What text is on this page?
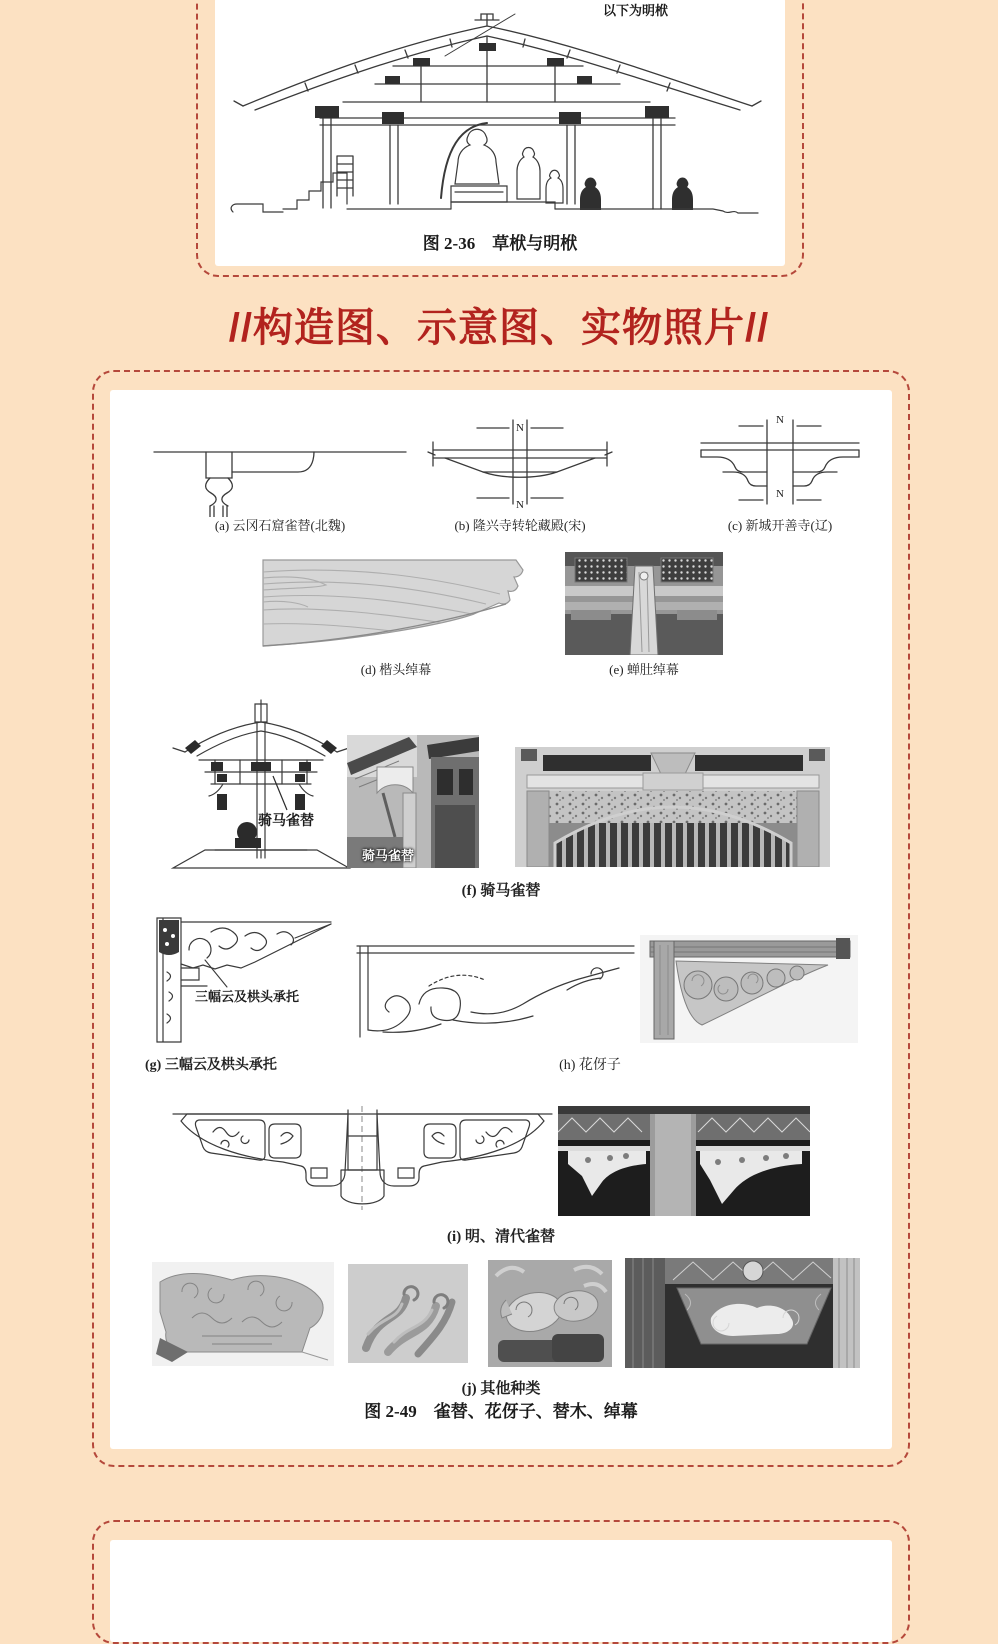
以下为明栿
图 2-36　草栿与明栿
//构造图、示意图、实物照片//
N
N
N
N
(a) 云冈石窟雀替(北魏)	(b) 隆兴寺转轮藏殿(宋)	(c) 新城开善寺(辽)
(d) 楷头绰幕	(e) 蝉肚绰幕
骑马雀替
骑马雀替
(f) 骑马雀替
三幅云及栱头承托
(g) 三幅云及栱头承托	(h) 花伢子
(i) 明、清代雀替
(j) 其他种类
图 2-49　雀替、花伢子、替木、绰幕
